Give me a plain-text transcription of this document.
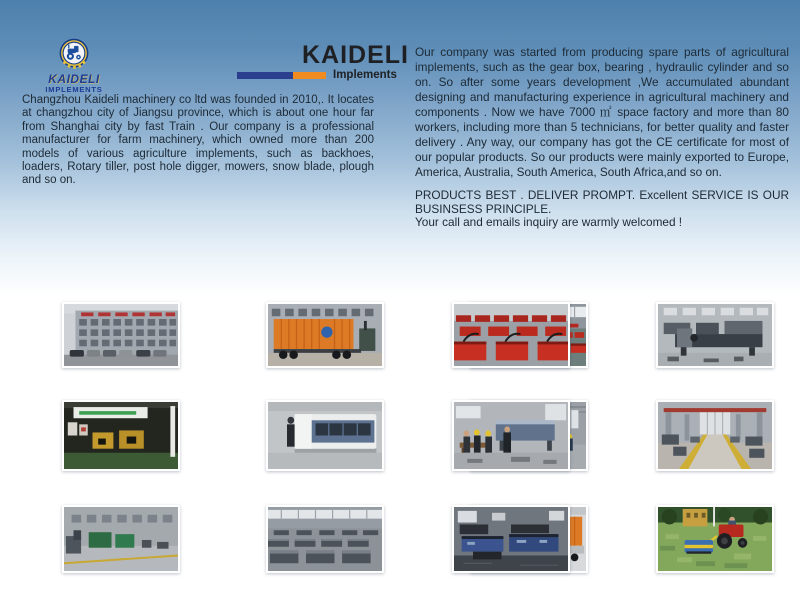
KAIDELI
IMPLEMENTS
KAIDELI
Implements
Changzhou Kaideli machinery co ltd was founded in 2010,. It locates at changzhou city of Jiangsu province, which is about one hour far from Shanghai city by fast Train . Our company is a professional manufacturer for farm machinery, which owned more than 200 models of various agriculture implements, such as backhoes, loaders, Rotary tiller, post hole digger, mowers, snow blade, plough and so on.

Our company was started from producing spare parts of agricultural implements, such as the gear box, bearing , hydraulic cylinder and so on. So after some years development ,We accumulated abundant designing and manufacturing experience in agricultural machinery and components . Now we have 7000 ㎡ space factory and more than 80 workers, including more than 5 technicians, for better quality and faster delivery . Any way, our company has got the CE certificate for most of our popular products. So our products were mainly exported to Europe, America, Australia, South America, South Africa,and so on.

PRODUCTS BEST . DELIVER PROMPT. Excellent SERVICE IS OUR BUSINSESS PRINCIPLE.

Your call and emails inquiry are warmly welcomed !
